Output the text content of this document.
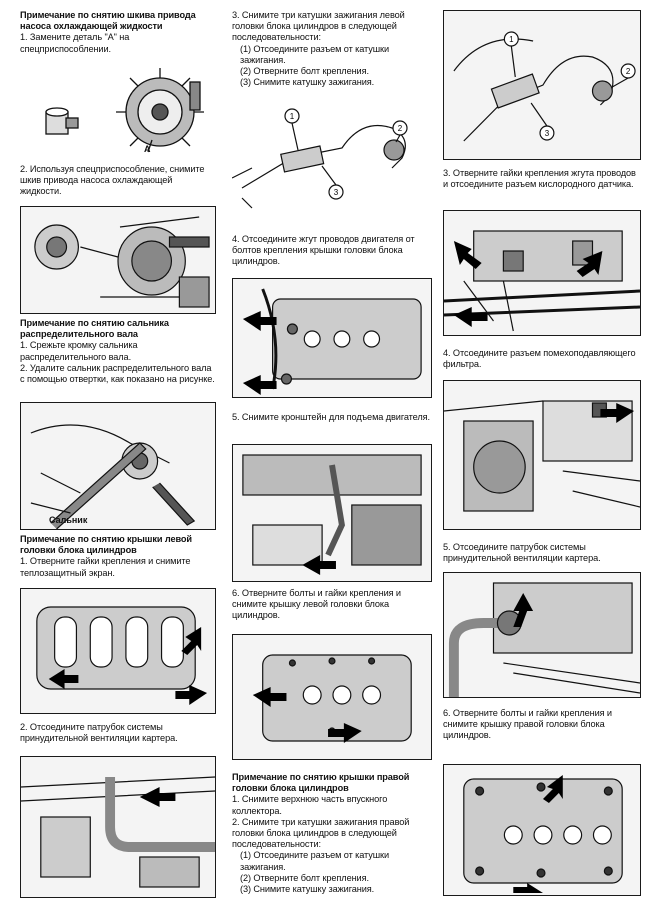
Примечание по снятию шкива привода насоса охлаждающей жидкости

1. Замените деталь "А" на спецприспособлении.

A

2. Используя спецприспособление, снимите шкив привода насоса охлаждающей жидкости.

Примечание по снятию сальника распределительного вала

1. Срежьте кромку сальника распределительного вала.

2. Удалите сальник распределительного вала с помощью отвертки, как показано на рисунке.

Сальник

Примечание по снятию крышки левой головки блока цилиндров

1. Отверните гайки крепления и снимите теплозащитный экран.

2. Отсоедините патрубок системы принудительной вентиляции картера.

3. Снимите три катушки зажигания левой головки блока цилиндров в следующей последовательности:

(1) Отсоедините разъем от катушки зажигания.

(2) Отверните болт крепления.

(3) Снимите катушку зажигания.

1
2
3

4. Отсоедините жгут проводов двигателя от болтов крепления крышки головки блока цилиндров.

5. Снимите кронштейн для подъема двигателя.

6. Отверните болты и гайки крепления и снимите крышку левой головки блока цилиндров.

Примечание по снятию крышки правой головки блока цилиндров

1. Снимите верхнюю часть впускного коллектора.

2. Снимите три катушки зажигания правой головки блока цилиндров в следующей последовательности:

(1) Отсоедините разъем от катушки зажигания.

(2) Отверните болт крепления.

(3) Снимите катушку зажигания.

1
2
3

3. Отверните гайки крепления жгута проводов и отсоедините разъем кислородного датчика.

4. Отсоедините разъем помехоподавляющего фильтра.

5. Отсоедините патрубок системы принудительной вентиляции картера.

6. Отверните болты и гайки крепления и снимите крышку правой головки блока цилиндров.
